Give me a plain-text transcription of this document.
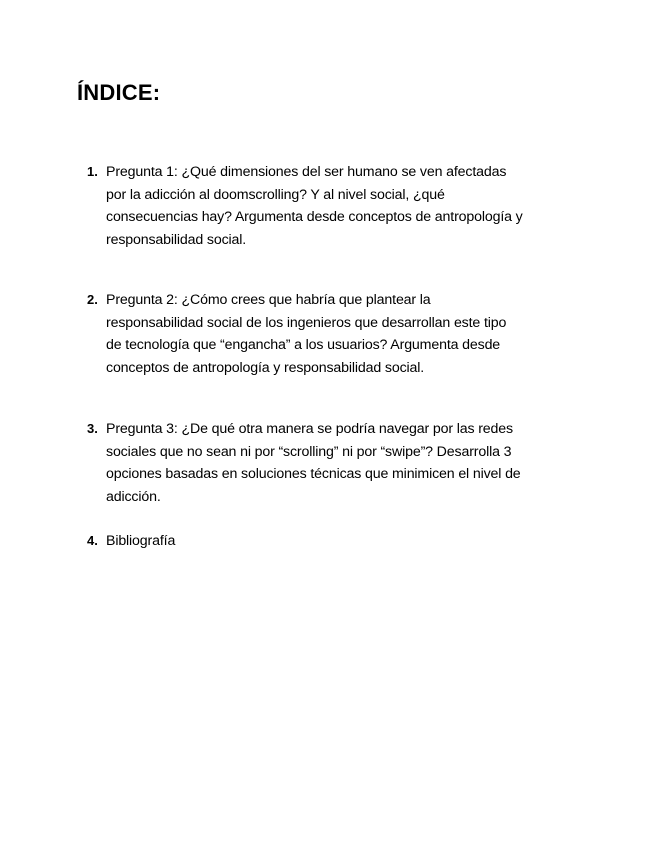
ÍNDICE:
1. Pregunta 1: ¿Qué dimensiones del ser humano se ven afectadas
por la adicción al doomscrolling? Y al nivel social, ¿qué
consecuencias hay? Argumenta desde conceptos de antropología y
responsabilidad social.
2. Pregunta 2: ¿Cómo crees que habría que plantear la
responsabilidad social de los ingenieros que desarrollan este tipo
de tecnología que “engancha” a los usuarios? Argumenta desde
conceptos de antropología y responsabilidad social.
3. Pregunta 3: ¿De qué otra manera se podría navegar por las redes
sociales que no sean ni por “scrolling” ni por “swipe”? Desarrolla 3
opciones basadas en soluciones técnicas que minimicen el nivel de
adicción.
4. Bibliografía
